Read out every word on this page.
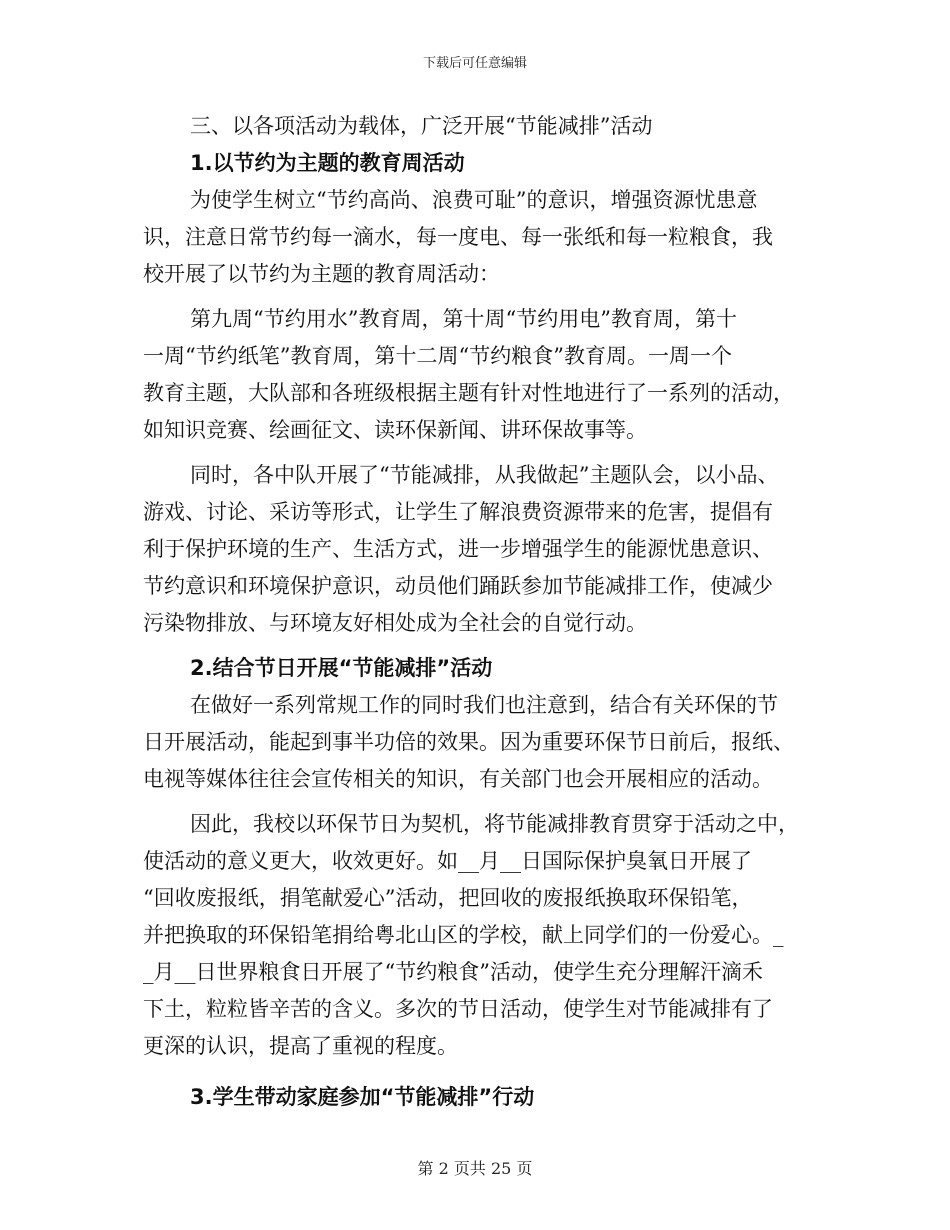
下载后可任意编辑
三、以各项活动为载体，广泛开展“节能减排”活动
1.以节约为主题的教育周活动
为使学生树立“节约高尚、浪费可耻”的意识，增强资源忧患意
识，注意日常节约每一滴水，每一度电、每一张纸和每一粒粮食，我
校开展了以节约为主题的教育周活动：
第九周“节约用水”教育周，第十周“节约用电”教育周，第十
一周“节约纸笔”教育周，第十二周“节约粮食”教育周。一周一个
教育主题，大队部和各班级根据主题有针对性地进行了一系列的活动，
如知识竞赛、绘画征文、读环保新闻、讲环保故事等。
同时，各中队开展了“节能减排，从我做起”主题队会，以小品、
游戏、讨论、采访等形式，让学生了解浪费资源带来的危害，提倡有
利于保护环境的生产、生活方式，进一步增强学生的能源忧患意识、
节约意识和环境保护意识，动员他们踊跃参加节能减排工作，使减少
污染物排放、与环境友好相处成为全社会的自觉行动。
2.结合节日开展“节能减排”活动
在做好一系列常规工作的同时我们也注意到，结合有关环保的节
日开展活动，能起到事半功倍的效果。因为重要环保节日前后，报纸、
电视等媒体往往会宣传相关的知识，有关部门也会开展相应的活动。
因此，我校以环保节日为契机，将节能减排教育贯穿于活动之中，
使活动的意义更大，收效更好。如__月__日国际保护臭氧日开展了
“回收废报纸，捐笔献爱心”活动，把回收的废报纸换取环保铅笔，
并把换取的环保铅笔捐给粤北山区的学校，献上同学们的一份爱心。_
_月__日世界粮食日开展了“节约粮食”活动，使学生充分理解汗滴禾
下土，粒粒皆辛苦的含义。多次的节日活动，使学生对节能减排有了
更深的认识，提高了重视的程度。
3.学生带动家庭参加“节能减排”行动
第 2 页共 25 页
